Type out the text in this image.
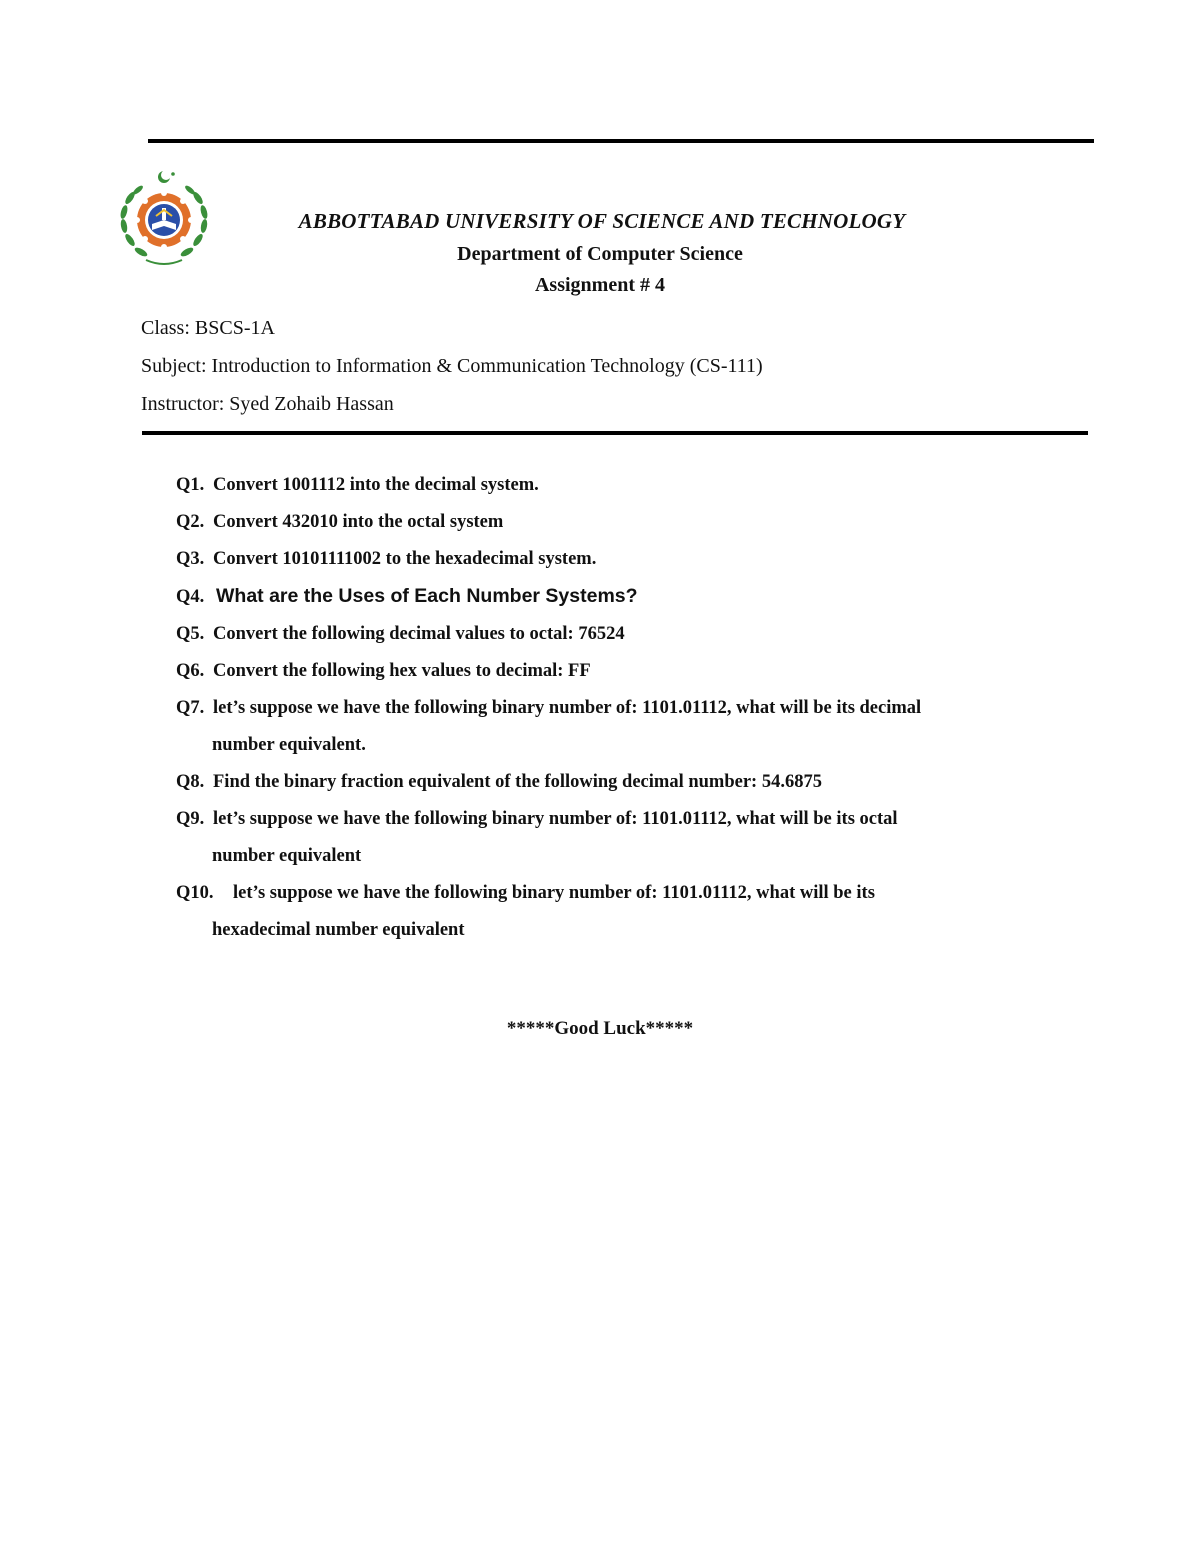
ABBOTTABAD UNIVERSITY OF SCIENCE AND TECHNOLOGY
Department of Computer Science
Assignment # 4
Class: BSCS-1A
Subject: Introduction to Information & Communication Technology (CS-111)
Instructor: Syed Zohaib Hassan
Q1. Convert 1001112 into the decimal system.
Q2. Convert 432010 into the octal system
Q3. Convert 10101111002 to the hexadecimal system.
Q4. What are the Uses of Each Number Systems?
Q5. Convert the following decimal values to octal: 76524
Q6. Convert the following hex values to decimal: FF
Q7. let’s suppose we have the following binary number of: 1101.01112, what will be its decimal
number equivalent.
Q8. Find the binary fraction equivalent of the following decimal number: 54.6875
Q9. let’s suppose we have the following binary number of: 1101.01112, what will be its octal
number equivalent
Q10. let’s suppose we have the following binary number of: 1101.01112, what will be its
hexadecimal number equivalent
*****Good Luck*****
